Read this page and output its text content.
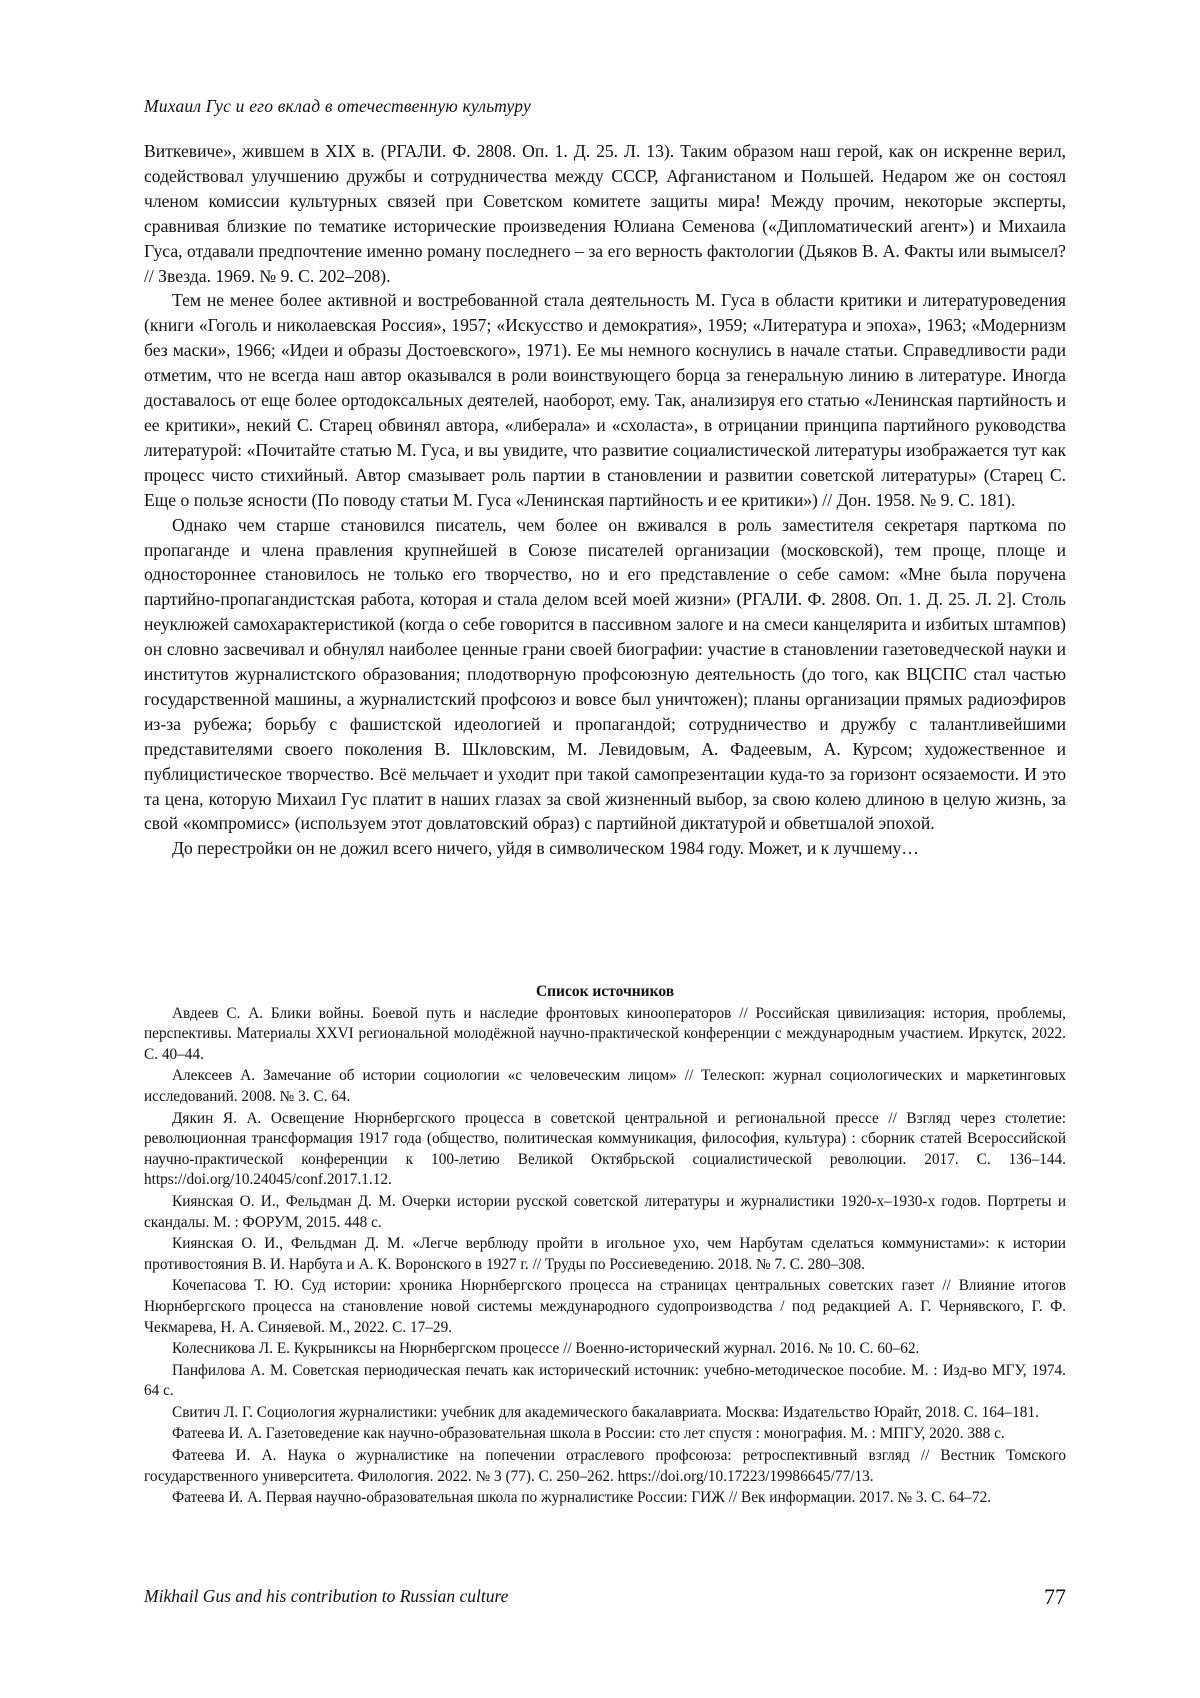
Михаил Гус и его вклад в отечественную культуру

Виткевиче», жившем в XIX в. (РГАЛИ. Ф. 2808. Оп. 1. Д. 25. Л. 13). Таким образом наш герой, как он искренне верил, содействовал улучшению дружбы и сотрудничества между СССР, Афганистаном и Польшей. Недаром же он состоял членом комиссии культурных связей при Советском комитете защиты мира! Между прочим, некоторые эксперты, сравнивая близкие по тематике исторические произведения Юлиана Семенова («Дипломатический агент») и Михаила Гуса, отдавали предпочтение именно роману последнего – за его верность фактологии (Дьяков В. А. Факты или вымысел? // Звезда. 1969. № 9. С. 202–208).

Тем не менее более активной и востребованной стала деятельность М. Гуса в области критики и литературоведения (книги «Гоголь и николаевская Россия», 1957; «Искусство и демократия», 1959; «Литература и эпоха», 1963; «Модернизм без маски», 1966; «Идеи и образы Достоевского», 1971). Ее мы немного коснулись в начале статьи. Справедливости ради отметим, что не всегда наш автор оказывался в роли воинствующего борца за генеральную линию в литературе. Иногда доставалось от еще более ортодоксальных деятелей, наоборот, ему. Так, анализируя его статью «Ленинская партийность и ее критики», некий С. Старец обвинял автора, «либерала» и «схоласта», в отрицании принципа партийного руководства литературой: «Почитайте статью М. Гуса, и вы увидите, что развитие социалистической литературы изображается тут как процесс чисто стихийный. Автор смазывает роль партии в становлении и развитии советской литературы» (Старец С. Еще о пользе ясности (По поводу статьи М. Гуса «Ленинская партийность и ее критики») // Дон. 1958. № 9. С. 181).

Однако чем старше становился писатель, чем более он вживался в роль заместителя секретаря парткома по пропаганде и члена правления крупнейшей в Союзе писателей организации (московской), тем проще, площе и одностороннее становилось не только его творчество, но и его представление о себе самом: «Мне была поручена партийно-пропагандистская работа, которая и стала делом всей моей жизни» (РГАЛИ. Ф. 2808. Оп. 1. Д. 25. Л. 2]. Столь неуклюжей самохарактеристикой (когда о себе говорится в пассивном залоге и на смеси канцелярита и избитых штампов) он словно засвечивал и обнулял наиболее ценные грани своей биографии: участие в становлении газетоведческой науки и институтов журналистского образования; плодотворную профсоюзную деятельность (до того, как ВЦСПС стал частью государственной машины, а журналистский профсоюз и вовсе был уничтожен); планы организации прямых радиоэфиров из-за рубежа; борьбу с фашистской идеологией и пропагандой; сотрудничество и дружбу с талантливейшими представителями своего поколения В. Шкловским, М. Левидовым, А. Фадеевым, А. Курсом; художественное и публицистическое творчество. Всё мельчает и уходит при такой самопрезентации куда-то за горизонт осязаемости. И это та цена, которую Михаил Гус платит в наших глазах за свой жизненный выбор, за свою колею длиною в целую жизнь, за свой «компромисс» (используем этот довлатовский образ) с партийной диктатурой и обветшалой эпохой.

До перестройки он не дожил всего ничего, уйдя в символическом 1984 году. Может, и к лучшему…

Список источников
Авдеев С. А. Блики войны. Боевой путь и наследие фронтовых кинооператоров // Российская цивилизация: история, проблемы, перспективы. Материалы XXVI региональной молодёжной научно-практической конференции с международным участием. Иркутск, 2022. С. 40–44.
Алексеев А. Замечание об истории социологии «с человеческим лицом» // Телескоп: журнал социологических и маркетинговых исследований. 2008. № 3. С. 64.
Дякин Я. А. Освещение Нюрнбергского процесса в советской центральной и региональной прессе // Взгляд через столетие: революционная трансформация 1917 года (общество, политическая коммуникация, философия, культура) : сборник статей Всероссийской научно-практической конференции к 100-летию Великой Октябрьской социалистической революции. 2017. С. 136–144. https://doi.org/10.24045/conf.2017.1.12.
Киянская О. И., Фельдман Д. М. Очерки истории русской советской литературы и журналистики 1920-х–1930-х годов. Портреты и скандалы. М. : ФОРУМ, 2015. 448 с.
Киянская О. И., Фельдман Д. М. «Легче верблюду пройти в игольное ухо, чем Нарбутам сделаться коммунистами»: к истории противостояния В. И. Нарбута и А. К. Воронского в 1927 г. // Труды по Россиеведению. 2018. № 7. С. 280–308.
Кочепасова Т. Ю. Суд истории: хроника Нюрнбергского процесса на страницах центральных советских газет // Влияние итогов Нюрнбергского процесса на становление новой системы международного судопроизводства / под редакцией А. Г. Чернявского, Г. Ф. Чекмарева, Н. А. Синяевой. М., 2022. С. 17–29.
Колесникова Л. Е. Кукрыниксы на Нюрнбергском процессе // Военно-исторический журнал. 2016. № 10. С. 60–62.
Панфилова А. М. Советская периодическая печать как исторический источник: учебно-методическое пособие. М. : Изд-во МГУ, 1974. 64 с.
Свитич Л. Г. Социология журналистики: учебник для академического бакалавриата. Москва: Издательство Юрайт, 2018. С. 164–181.
Фатеева И. А. Газетоведение как научно-образовательная школа в России: сто лет спустя : монография. М. : МПГУ, 2020. 388 с.
Фатеева И. А. Наука о журналистике на попечении отраслевого профсоюза: ретроспективный взгляд // Вестник Томского государственного университета. Филология. 2022. № 3 (77). С. 250–262. https://doi.org/10.17223/19986645/77/13.
Фатеева И. А. Первая научно-образовательная школа по журналистике России: ГИЖ // Век информации. 2017. № 3. С. 64–72.
Mikhail Gus and his contribution to Russian culture	77
